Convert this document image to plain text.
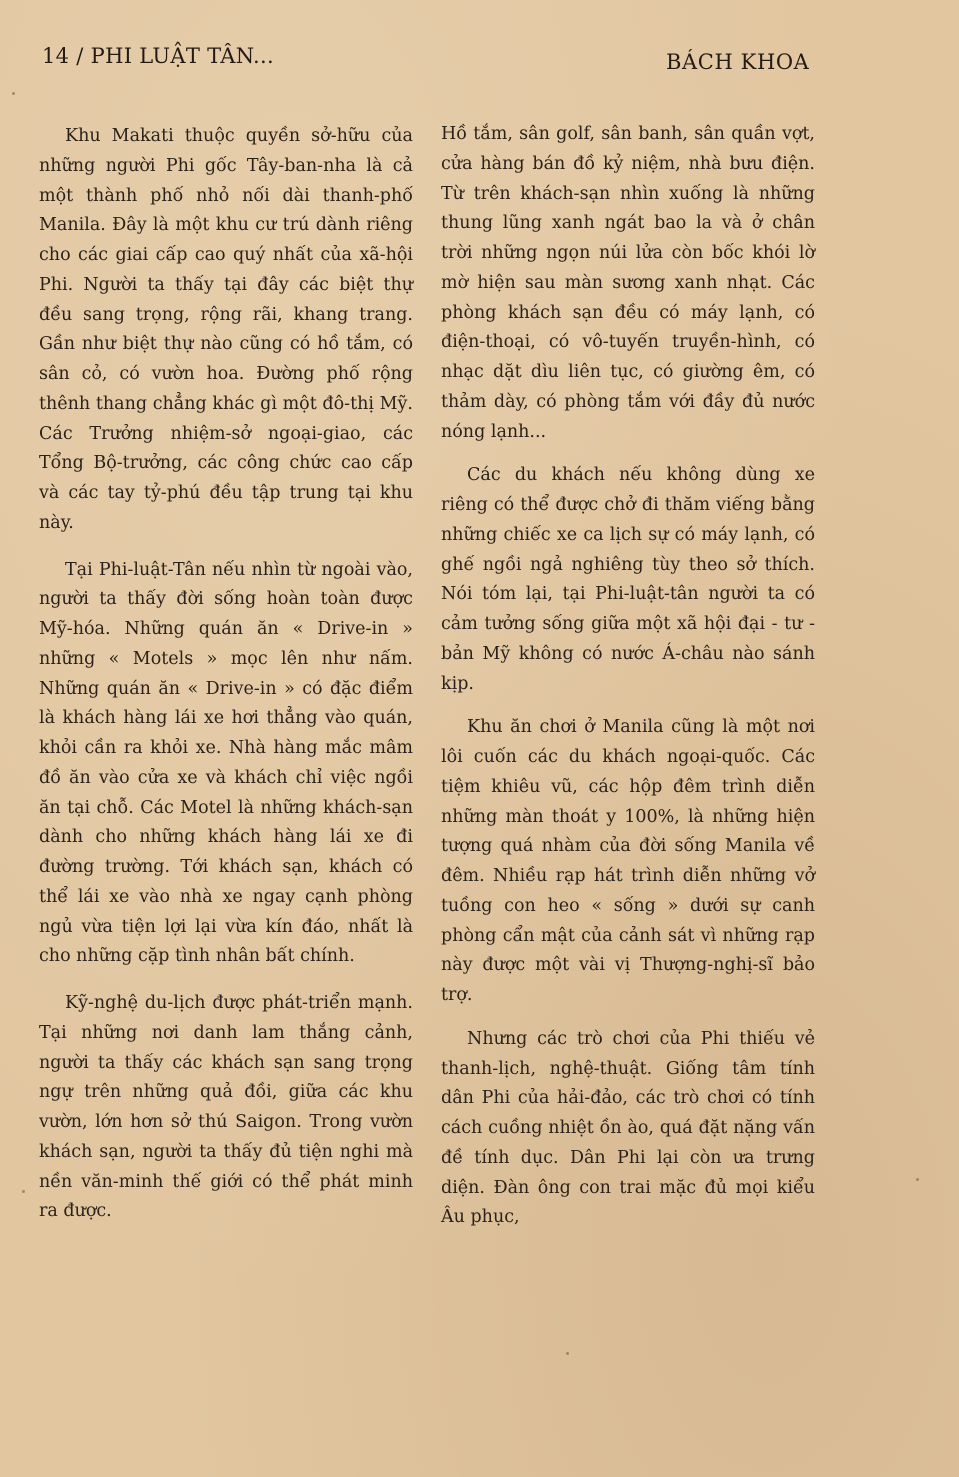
14 / PHI LUẬT TÂN...	BÁCH KHOA

Khu Makati thuộc quyền sở-hữu của những người Phi gốc Tây-ban-nha là cả một thành phố nhỏ nối dài thanh-phố Manila. Đây là một khu cư trú dành riêng cho các giai cấp cao quý nhất của xã-hội Phi. Người ta thấy tại đây các biệt thự đều sang trọng, rộng rãi, khang trang. Gần như biệt thự nào cũng có hồ tắm, có sân cỏ, có vườn hoa. Đường phố rộng thênh thang chẳng khác gì một đô-thị Mỹ. Các Trưởng nhiệm-sở ngoại-giao, các Tổng Bộ-trưởng, các công chức cao cấp và các tay tỷ-phú đều tập trung tại khu này.

Tại Phi-luật-Tân nếu nhìn từ ngoài vào, người ta thấy đời sống hoàn toàn được Mỹ-hóa. Những quán ăn « Drive-in » những « Motels » mọc lên như nấm. Những quán ăn « Drive-in » có đặc điểm là khách hàng lái xe hơi thẳng vào quán, khỏi cần ra khỏi xe. Nhà hàng mắc mâm đồ ăn vào cửa xe và khách chỉ việc ngồi ăn tại chỗ. Các Motel là những khách-sạn dành cho những khách hàng lái xe đi đường trường. Tới khách sạn, khách có thể lái xe vào nhà xe ngay cạnh phòng ngủ vừa tiện lợi lại vừa kín đáo, nhất là cho những cặp tình nhân bất chính.

Kỹ-nghệ du-lịch được phát-triển mạnh. Tại những nơi danh lam thắng cảnh, người ta thấy các khách sạn sang trọng ngự trên những quả đồi, giữa các khu vườn, lớn hơn sở thú Saigon. Trong vườn khách sạn, người ta thấy đủ tiện nghi mà nền văn-minh thế giới có thể phát minh ra được.

Hồ tắm, sân golf, sân banh, sân quần vợt, cửa hàng bán đồ kỷ niệm, nhà bưu điện. Từ trên khách-sạn nhìn xuống là những thung lũng xanh ngát bao la và ở chân trời những ngọn núi lửa còn bốc khói lờ mờ hiện sau màn sương xanh nhạt. Các phòng khách sạn đều có máy lạnh, có điện-thoại, có vô-tuyến truyền-hình, có nhạc dặt dìu liên tục, có giường êm, có thảm dày, có phòng tắm với đầy đủ nước nóng lạnh...

Các du khách nếu không dùng xe riêng có thể được chở đi thăm viếng bằng những chiếc xe ca lịch sự có máy lạnh, có ghế ngồi ngả nghiêng tùy theo sở thích. Nói tóm lại, tại Phi-luật-tân người ta có cảm tưởng sống giữa một xã hội đại - tư - bản Mỹ không có nước Á-châu nào sánh kịp.

Khu ăn chơi ở Manila cũng là một nơi lôi cuốn các du khách ngoại-quốc. Các tiệm khiêu vũ, các hộp đêm trình diễn những màn thoát y 100%, là những hiện tượng quá nhàm của đời sống Manila về đêm. Nhiều rạp hát trình diễn những vở tuồng con heo « sống » dưới sự canh phòng cẩn mật của cảnh sát vì những rạp này được một vài vị Thượng-nghị-sĩ bảo trợ.

Nhưng các trò chơi của Phi thiếu vẻ thanh-lịch, nghệ-thuật. Giống tâm tính dân Phi của hải-đảo, các trò chơi có tính cách cuồng nhiệt ồn ào, quá đặt nặng vấn đề tính dục. Dân Phi lại còn ưa trưng diện. Đàn ông con trai mặc đủ mọi kiểu Âu phục,
